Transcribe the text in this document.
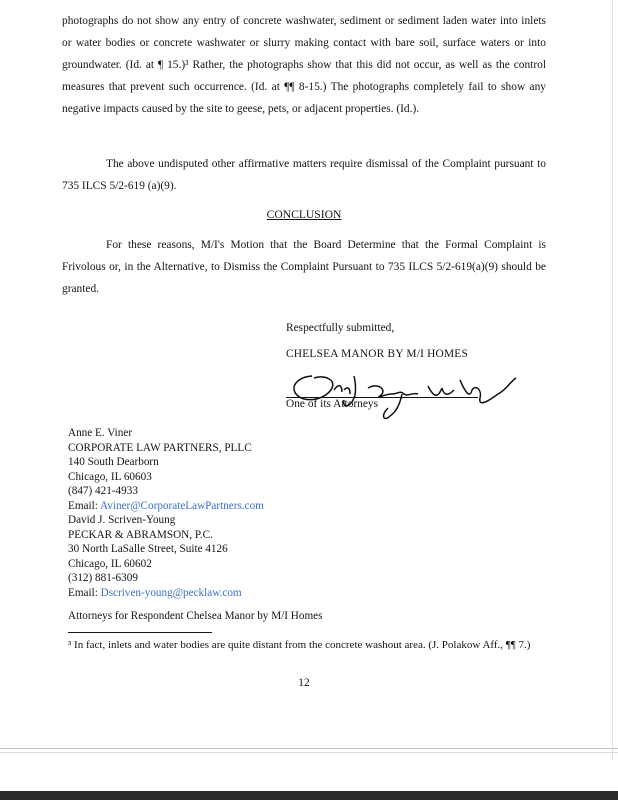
photographs do not show any entry of concrete washwater, sediment or sediment laden water into inlets or water bodies or concrete washwater or slurry making contact with bare soil, surface waters or into groundwater. (Id. at ¶ 15.)³ Rather, the photographs show that this did not occur, as well as the control measures that prevent such occurrence. (Id. at ¶¶ 8-15.) The photographs completely fail to show any negative impacts caused by the site to geese, pets, or adjacent properties. (Id.).

The above undisputed other affirmative matters require dismissal of the Complaint pursuant to 735 ILCS 5/2-619 (a)(9).

CONCLUSION

For these reasons, M/I's Motion that the Board Determine that the Formal Complaint is Frivolous or, in the Alternative, to Dismiss the Complaint Pursuant to 735 ILCS 5/2-619(a)(9) should be granted.

Respectfully submitted,

CHELSEA MANOR BY M/I HOMES

One of its Attorneys

Anne E. Viner
CORPORATE LAW PARTNERS, PLLC
140 South Dearborn
Chicago, IL 60603
(847) 421-4933
Email: Aviner@CorporateLawPartners.com
David J. Scriven-Young
PECKAR & ABRAMSON, P.C.
30 North LaSalle Street, Suite 4126
Chicago, IL 60602
(312) 881-6309
Email: Dscriven-young@pecklaw.com

Attorneys for Respondent Chelsea Manor by M/I Homes

³ In fact, inlets and water bodies are quite distant from the concrete washout area. (J. Polakow Aff., ¶¶ 7.)

12
